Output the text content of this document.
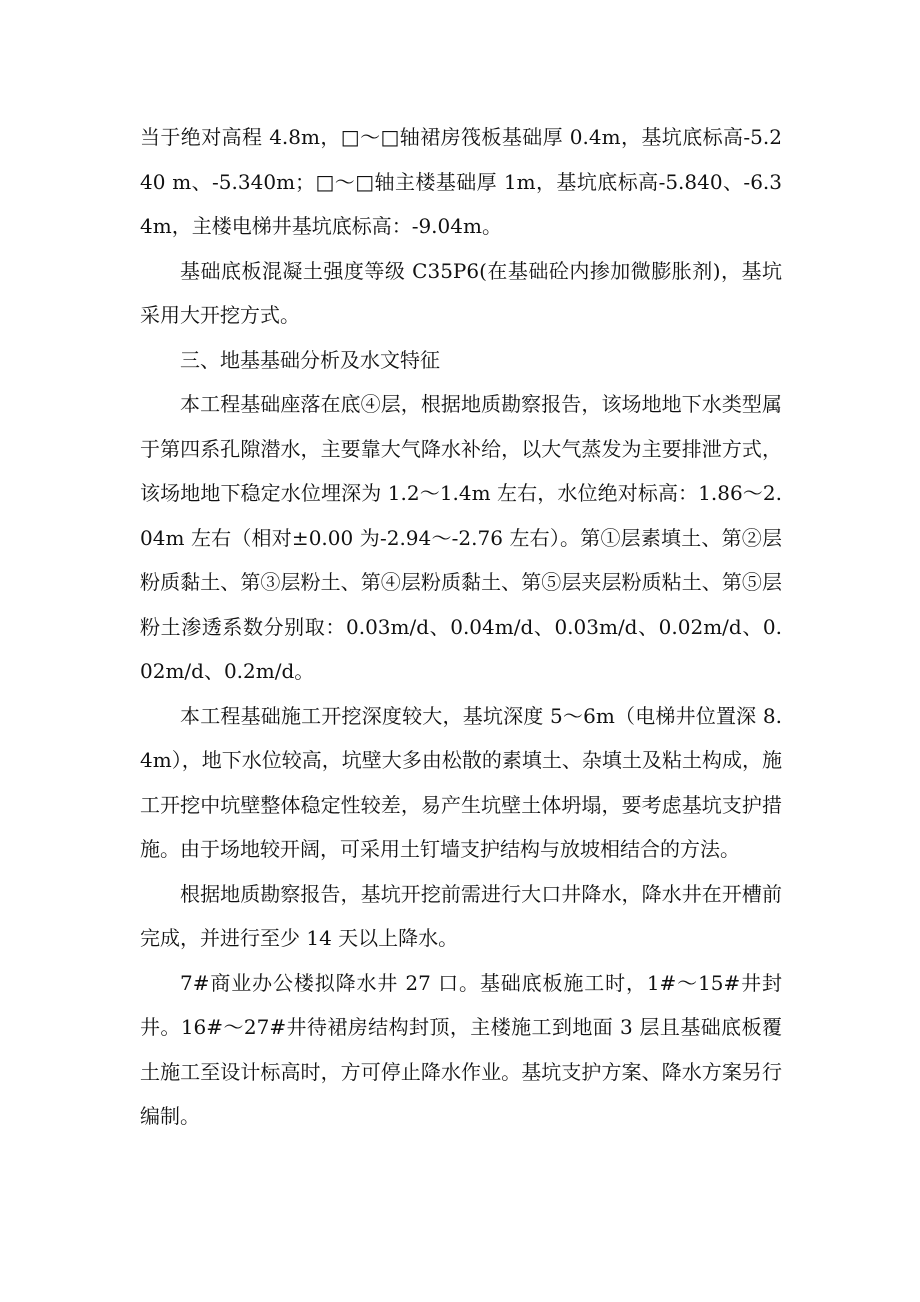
当于绝对高程 4.8m，□～□轴裙房筏板基础厚 0.4m，基坑底标高-5.240 m、-5.340m；□～□轴主楼基础厚 1m，基坑底标高-5.840、-6.34m，主楼电梯井基坑底标高：-9.04m。

基础底板混凝土强度等级 C35P6(在基础砼内掺加微膨胀剂)，基坑采用大开挖方式。

三、地基基础分析及水文特征

本工程基础座落在底④层，根据地质勘察报告，该场地地下水类型属于第四系孔隙潜水，主要靠大气降水补给，以大气蒸发为主要排泄方式，该场地地下稳定水位埋深为 1.2～1.4m 左右，水位绝对标高：1.86～2.04m 左右（相对±0.00 为-2.94～-2.76 左右）。第①层素填土、第②层粉质黏土、第③层粉土、第④层粉质黏土、第⑤层夹层粉质粘土、第⑤层粉土渗透系数分别取：0.03m/d、0.04m/d、0.03m/d、0.02m/d、0.02m/d、0.2m/d。

本工程基础施工开挖深度较大，基坑深度 5～6m（电梯井位置深 8.4m），地下水位较高，坑壁大多由松散的素填土、杂填土及粘土构成，施工开挖中坑壁整体稳定性较差，易产生坑壁土体坍塌，要考虑基坑支护措施。由于场地较开阔，可采用土钉墙支护结构与放坡相结合的方法。

根据地质勘察报告，基坑开挖前需进行大口井降水，降水井在开槽前完成，并进行至少 14 天以上降水。

7#商业办公楼拟降水井 27 口。基础底板施工时，1#～15#井封井。16#～27#井待裙房结构封顶，主楼施工到地面 3 层且基础底板覆土施工至设计标高时，方可停止降水作业。基坑支护方案、降水方案另行编制。
